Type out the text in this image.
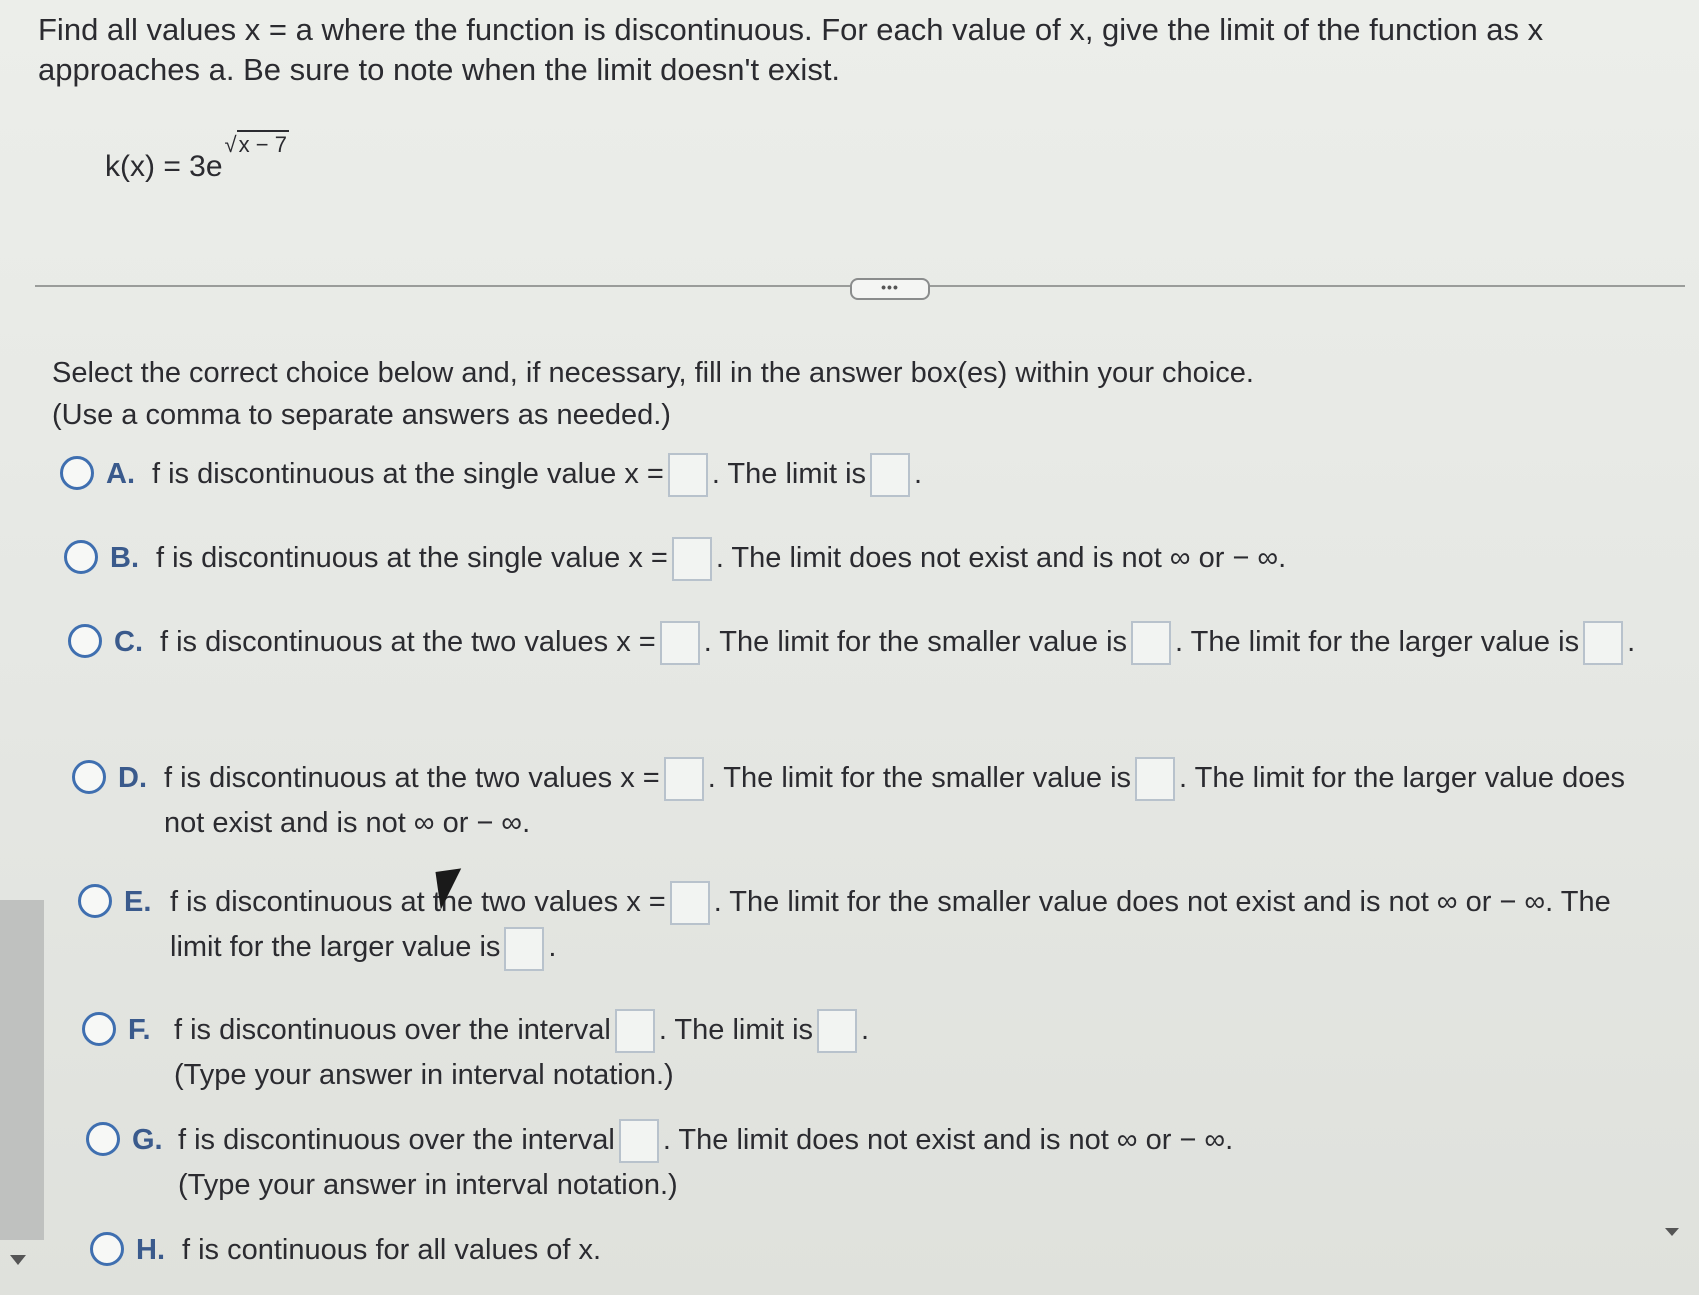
Find all values x = a where the function is discontinuous. For each value of x, give the limit of the function as x approaches a. Be sure to note when the limit doesn't exist.
$k(x) = 3e^{√x - 7}$
•••
Select the correct choice below and, if necessary, fill in the answer box(es) within your choice.
(Use a comma to separate answers as needed.)
A. f is discontinuous at the single value x = . The limit is .
B. f is discontinuous at the single value x = . The limit does not exist and is not ∞ or − ∞.
C. f is discontinuous at the two values x = . The limit for the smaller value is . The limit for the larger value is .
D. f is discontinuous at the two values x = . The limit for the smaller value is . The limit for the larger value does not exist and is not ∞ or − ∞.
E. f is discontinuous at the two values x = . The limit for the smaller value does not exist and is not ∞ or − ∞. The limit for the larger value is .
F. f is discontinuous over the interval . The limit is .
(Type your answer in interval notation.)
G. f is discontinuous over the interval . The limit does not exist and is not ∞ or − ∞.
(Type your answer in interval notation.)
H. f is continuous for all values of x.
